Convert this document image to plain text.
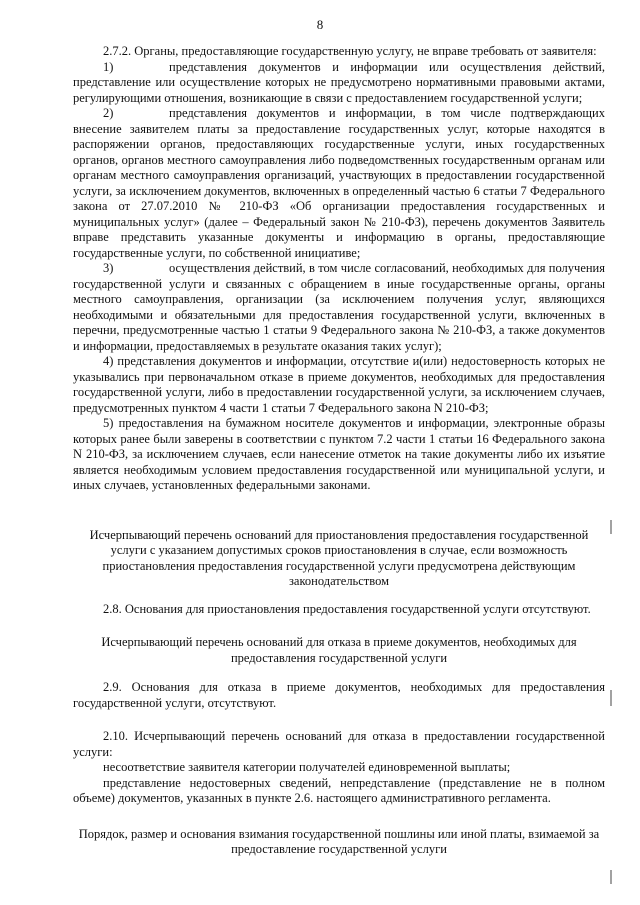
8

2.7.2. Органы, предоставляющие государственную услугу, не вправе требовать от заявителя:

1)	представления документов и информации или осуществления действий, представление или осуществление которых не предусмотрено нормативными правовыми актами, регулирующими отношения, возникающие в связи с предоставлением государственной услуги;

2)	представления документов и информации, в том числе подтверждающих внесение заявителем платы за предоставление государственных услуг, которые находятся в распоряжении органов, предоставляющих государственные услуги, иных государственных органов, органов местного самоуправления либо подведомственных государственным органам или органам местного самоуправления организаций, участвующих в предоставлении государственной услуги, за исключением документов, включенных в определенный частью 6 статьи 7 Федерального закона от 27.07.2010 № 210-ФЗ «Об организации предоставления государственных и муниципальных услуг» (далее – Федеральный закон № 210-ФЗ), перечень документов Заявитель вправе представить указанные документы и информацию в органы, предоставляющие государственные услуги, по собственной инициативе;

3)	осуществления действий, в том числе согласований, необходимых для получения государственной услуги и связанных с обращением в иные государственные органы, органы местного самоуправления, организации (за исключением получения услуг, являющихся необходимыми и обязательными для предоставления государственной услуги, включенных в перечни, предусмотренные частью 1 статьи 9 Федерального закона № 210-ФЗ, а также документов и информации, предоставляемых в результате оказания таких услуг);

4) представления документов и информации, отсутствие и(или) недостоверность которых не указывались при первоначальном отказе в приеме документов, необходимых для предоставления государственной услуги, либо в предоставлении государственной услуги, за исключением случаев, предусмотренных пунктом 4 части 1 статьи 7 Федерального закона N 210-ФЗ;

5) предоставления на бумажном носителе документов и информации, электронные образы которых ранее были заверены в соответствии с пунктом 7.2 части 1 статьи 16 Федерального закона N 210-ФЗ, за исключением случаев, если нанесение отметок на такие документы либо их изъятие является необходимым условием предоставления государственной или муниципальной услуги, и иных случаев, установленных федеральными законами.

Исчерпывающий перечень оснований для приостановления предоставления государственной услуги с указанием допустимых сроков приостановления в случае, если возможность приостановления предоставления государственной услуги предусмотрена действующим законодательством

2.8. Основания для приостановления предоставления государственной услуги отсутствуют.

Исчерпывающий перечень оснований для отказа в приеме документов, необходимых для предоставления государственной услуги

2.9. Основания для отказа в приеме документов, необходимых для предоставления государственной услуги, отсутствуют.

2.10. Исчерпывающий перечень оснований для отказа в предоставлении государственной услуги:

несоответствие заявителя категории получателей единовременной выплаты;

представление недостоверных сведений, непредставление (представление не в полном объеме) документов, указанных в пункте 2.6. настоящего административного регламента.

Порядок, размер и основания взимания государственной пошлины или иной платы, взимаемой за предоставление государственной услуги
